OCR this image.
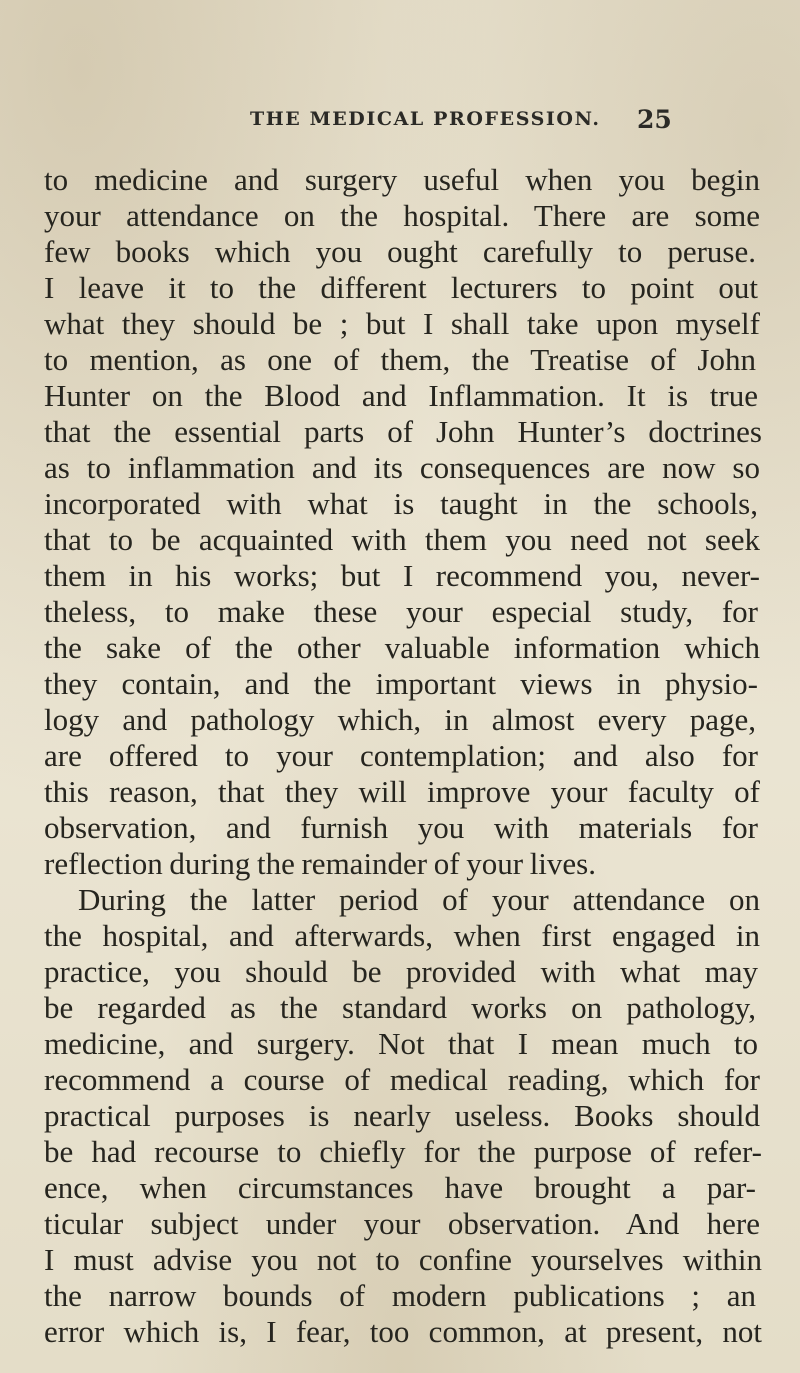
THE MEDICAL PROFESSION. 25
to medicine and surgery useful when you begin
your attendance on the hospital. There are some
few books which you ought carefully to peruse.
I leave it to the different lecturers to point out
what they should be ; but I shall take upon myself
to mention, as one of them, the Treatise of John
Hunter on the Blood and Inflammation. It is true
that the essential parts of John Hunter’s doctrines
as to inflammation and its consequences are now so
incorporated with what is taught in the schools,
that to be acquainted with them you need not seek
them in his works; but I recommend you, never-
theless, to make these your especial study, for
the sake of the other valuable information which
they contain, and the important views in physio-
logy and pathology which, in almost every page,
are offered to your contemplation; and also for
this reason, that they will improve your faculty of
observation, and furnish you with materials for
reflection during the remainder of your lives.
During the latter period of your attendance on
the hospital, and afterwards, when first engaged in
practice, you should be provided with what may
be regarded as the standard works on pathology,
medicine, and surgery. Not that I mean much to
recommend a course of medical reading, which for
practical purposes is nearly useless. Books should
be had recourse to chiefly for the purpose of refer-
ence, when circumstances have brought a par-
ticular subject under your observation. And here
I must advise you not to confine yourselves within
the narrow bounds of modern publications ; an
error which is, I fear, too common, at present, not
